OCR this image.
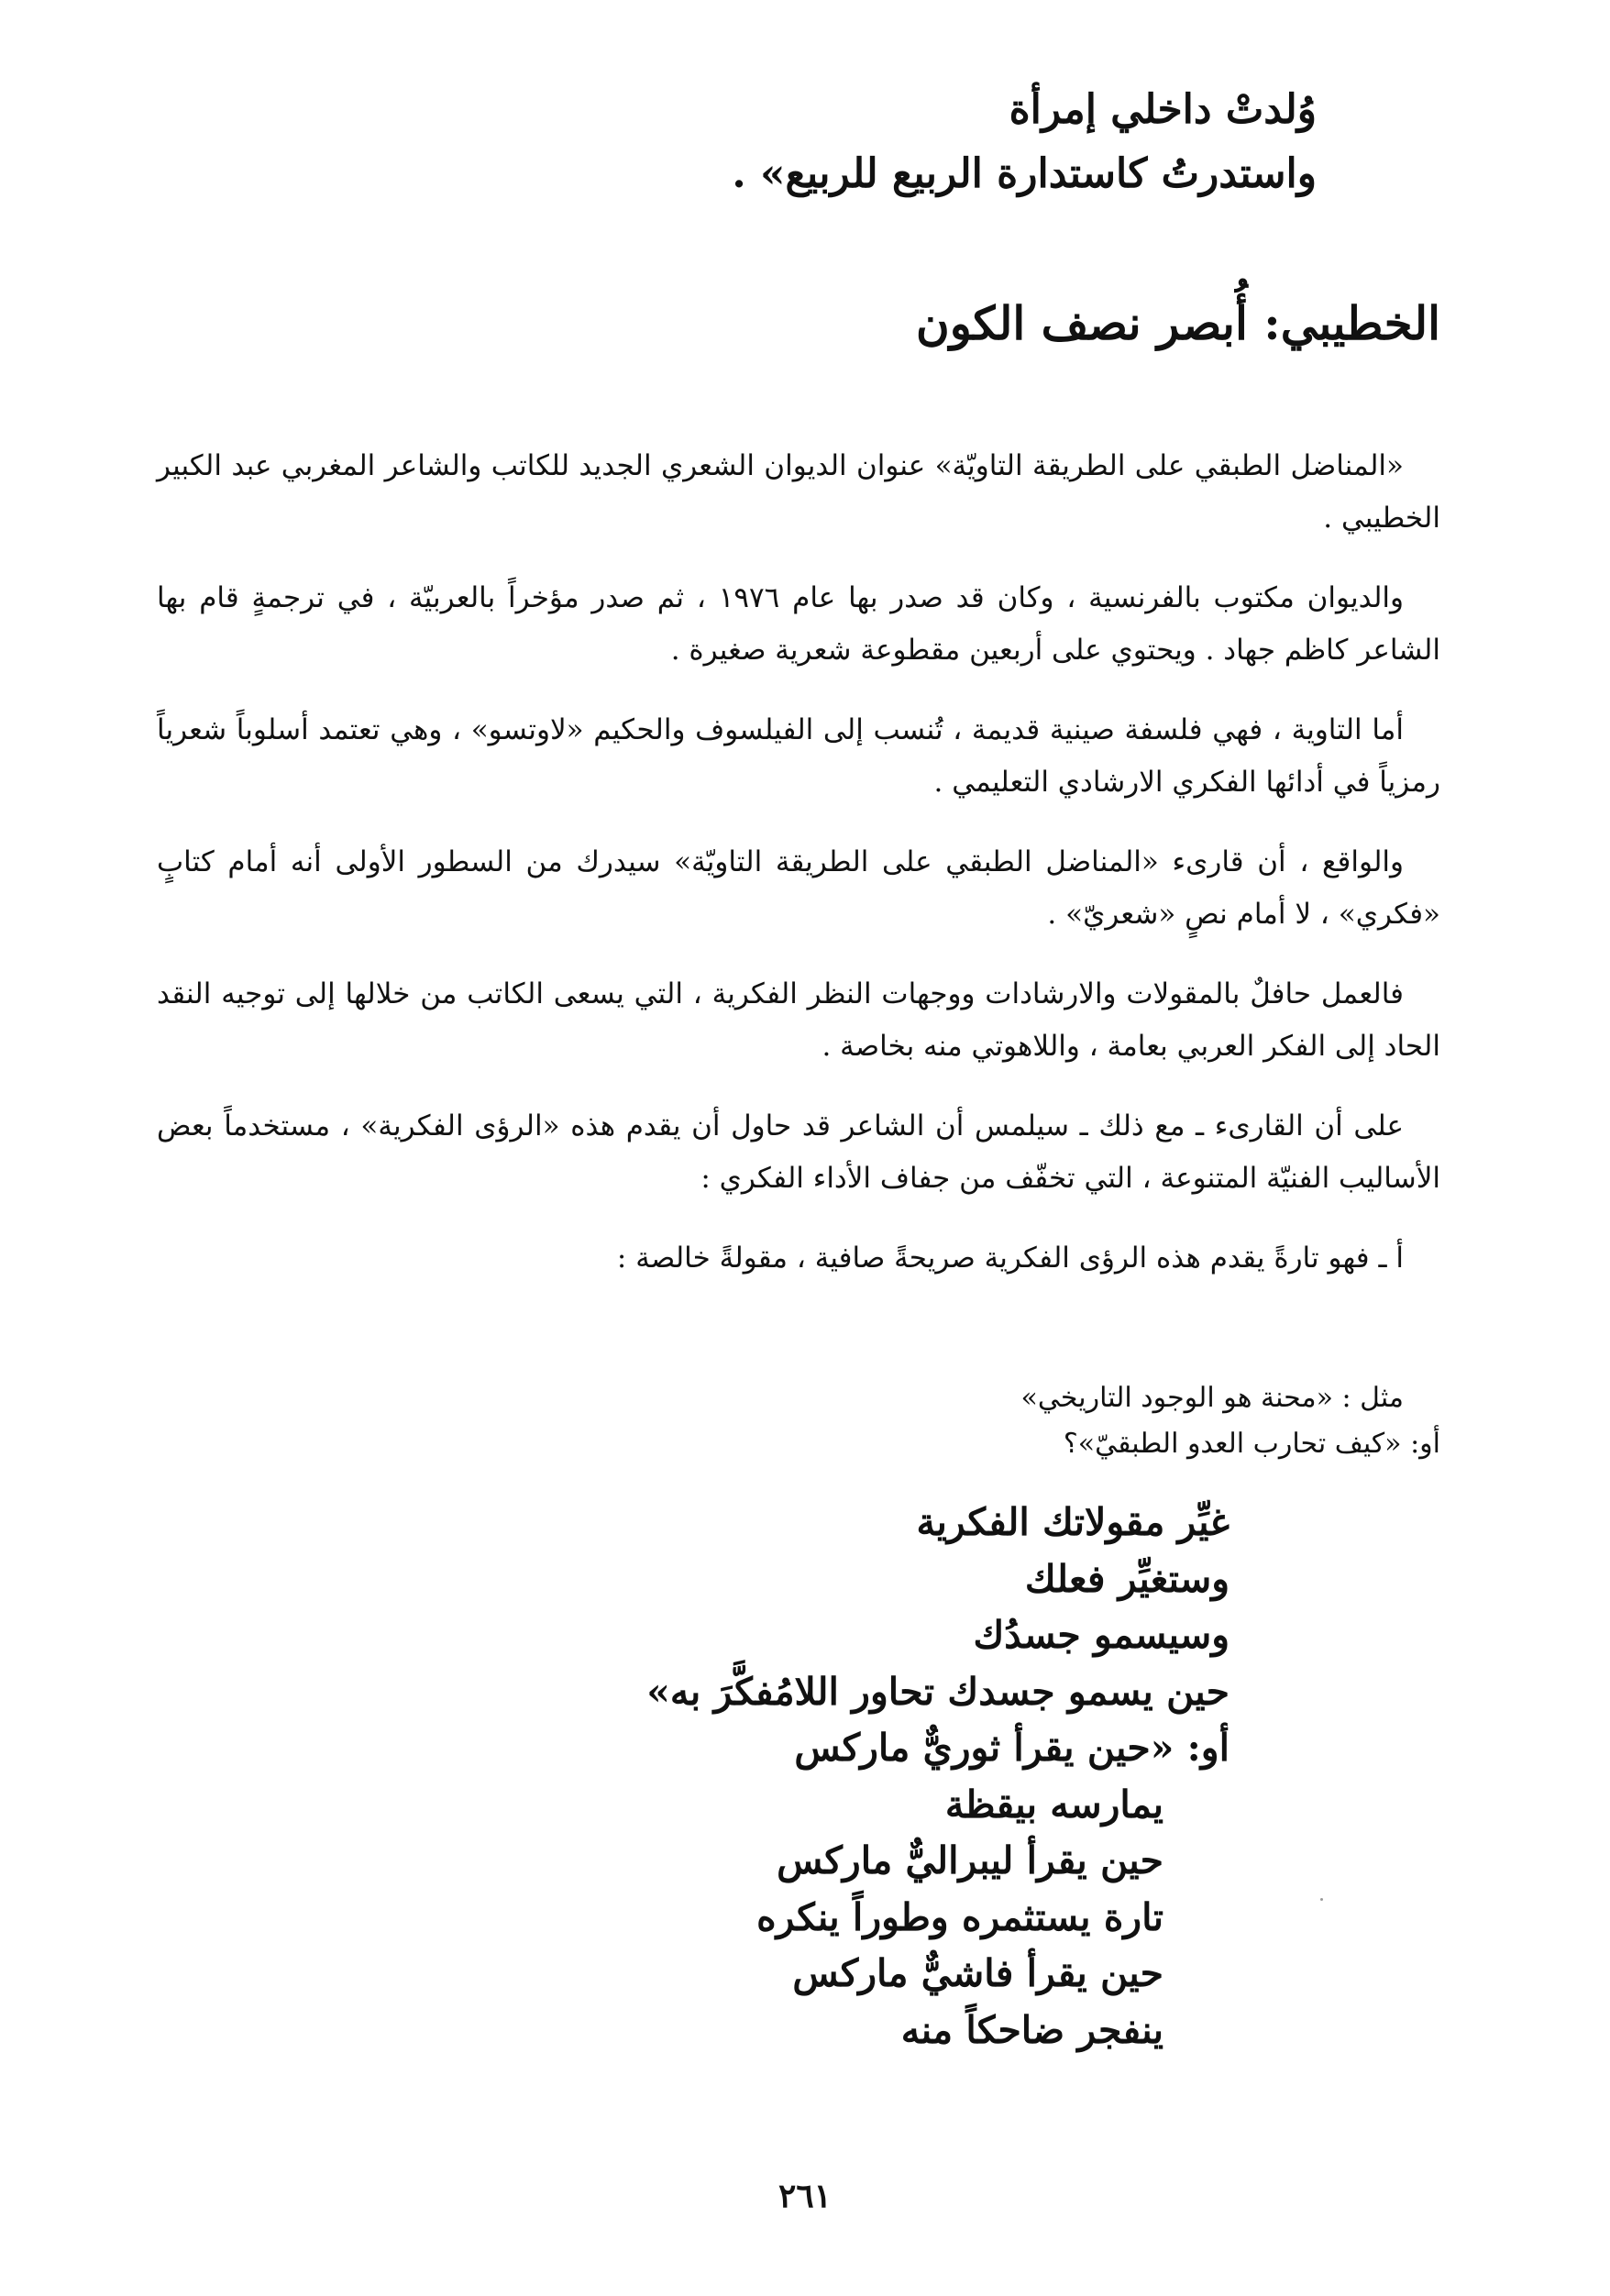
وُلدتْ داخلي إمرأة
واستدرتُ كاستدارة الربيع للربيع» .
الخطيبي: أُبصر نصف الكون

«المناضل الطبقي على الطريقة التاويّة» عنوان الديوان الشعري الجديد للكاتب والشاعر المغربي عبد الكبير الخطيبي .

والديوان مكتوب بالفرنسية ، وكان قد صدر بها عام ١٩٧٦ ، ثم صدر مؤخراً بالعربيّة ، في ترجمةٍ قام بها الشاعر كاظم جهاد . ويحتوي على أربعين مقطوعة شعرية صغيرة .

أما التاوية ، فهي فلسفة صينية قديمة ، تُنسب إلى الفيلسوف والحكيم «لاوتسو» ، وهي تعتمد أسلوباً شعرياً رمزياً في أدائها الفكري الارشادي التعليمي .

والواقع ، أن قارىء «المناضل الطبقي على الطريقة التاويّة» سيدرك من السطور الأولى أنه أمام كتابٍ «فكري» ، لا أمام نصٍ «شعريّ» .

فالعمل حافلٌ بالمقولات والارشادات ووجهات النظر الفكرية ، التي يسعى الكاتب من خلالها إلى توجيه النقد الحاد إلى الفكر العربي بعامة ، واللاهوتي منه بخاصة .

على أن القارىء ـ مع ذلك ـ سيلمس أن الشاعر قد حاول أن يقدم هذه «الرؤى الفكرية» ، مستخدماً بعض الأساليب الفنيّة المتنوعة ، التي تخفّف من جفاف الأداء الفكري :

أ ـ فهو تارةً يقدم هذه الرؤى الفكرية صريحةً صافية ، مقولةً خالصة :

مثل : «محنة هو الوجود التاريخي»
أو: «كيف تحارب العدو الطبقيّ»؟
غيِّر مقولاتك الفكرية
وستغيِّر فعلك
وسيسمو جسدُك
حين يسمو جسدك تحاور اللامُفكَّرَ به»
أو: «حين يقرأ ثوريٌّ ماركس
يمارسه بيقظة
حين يقرأ ليبراليٌّ ماركس
تارة يستثمره وطوراً ينكره
حين يقرأ فاشيٌّ ماركس
ينفجر ضاحكاً منه
٢٦١
